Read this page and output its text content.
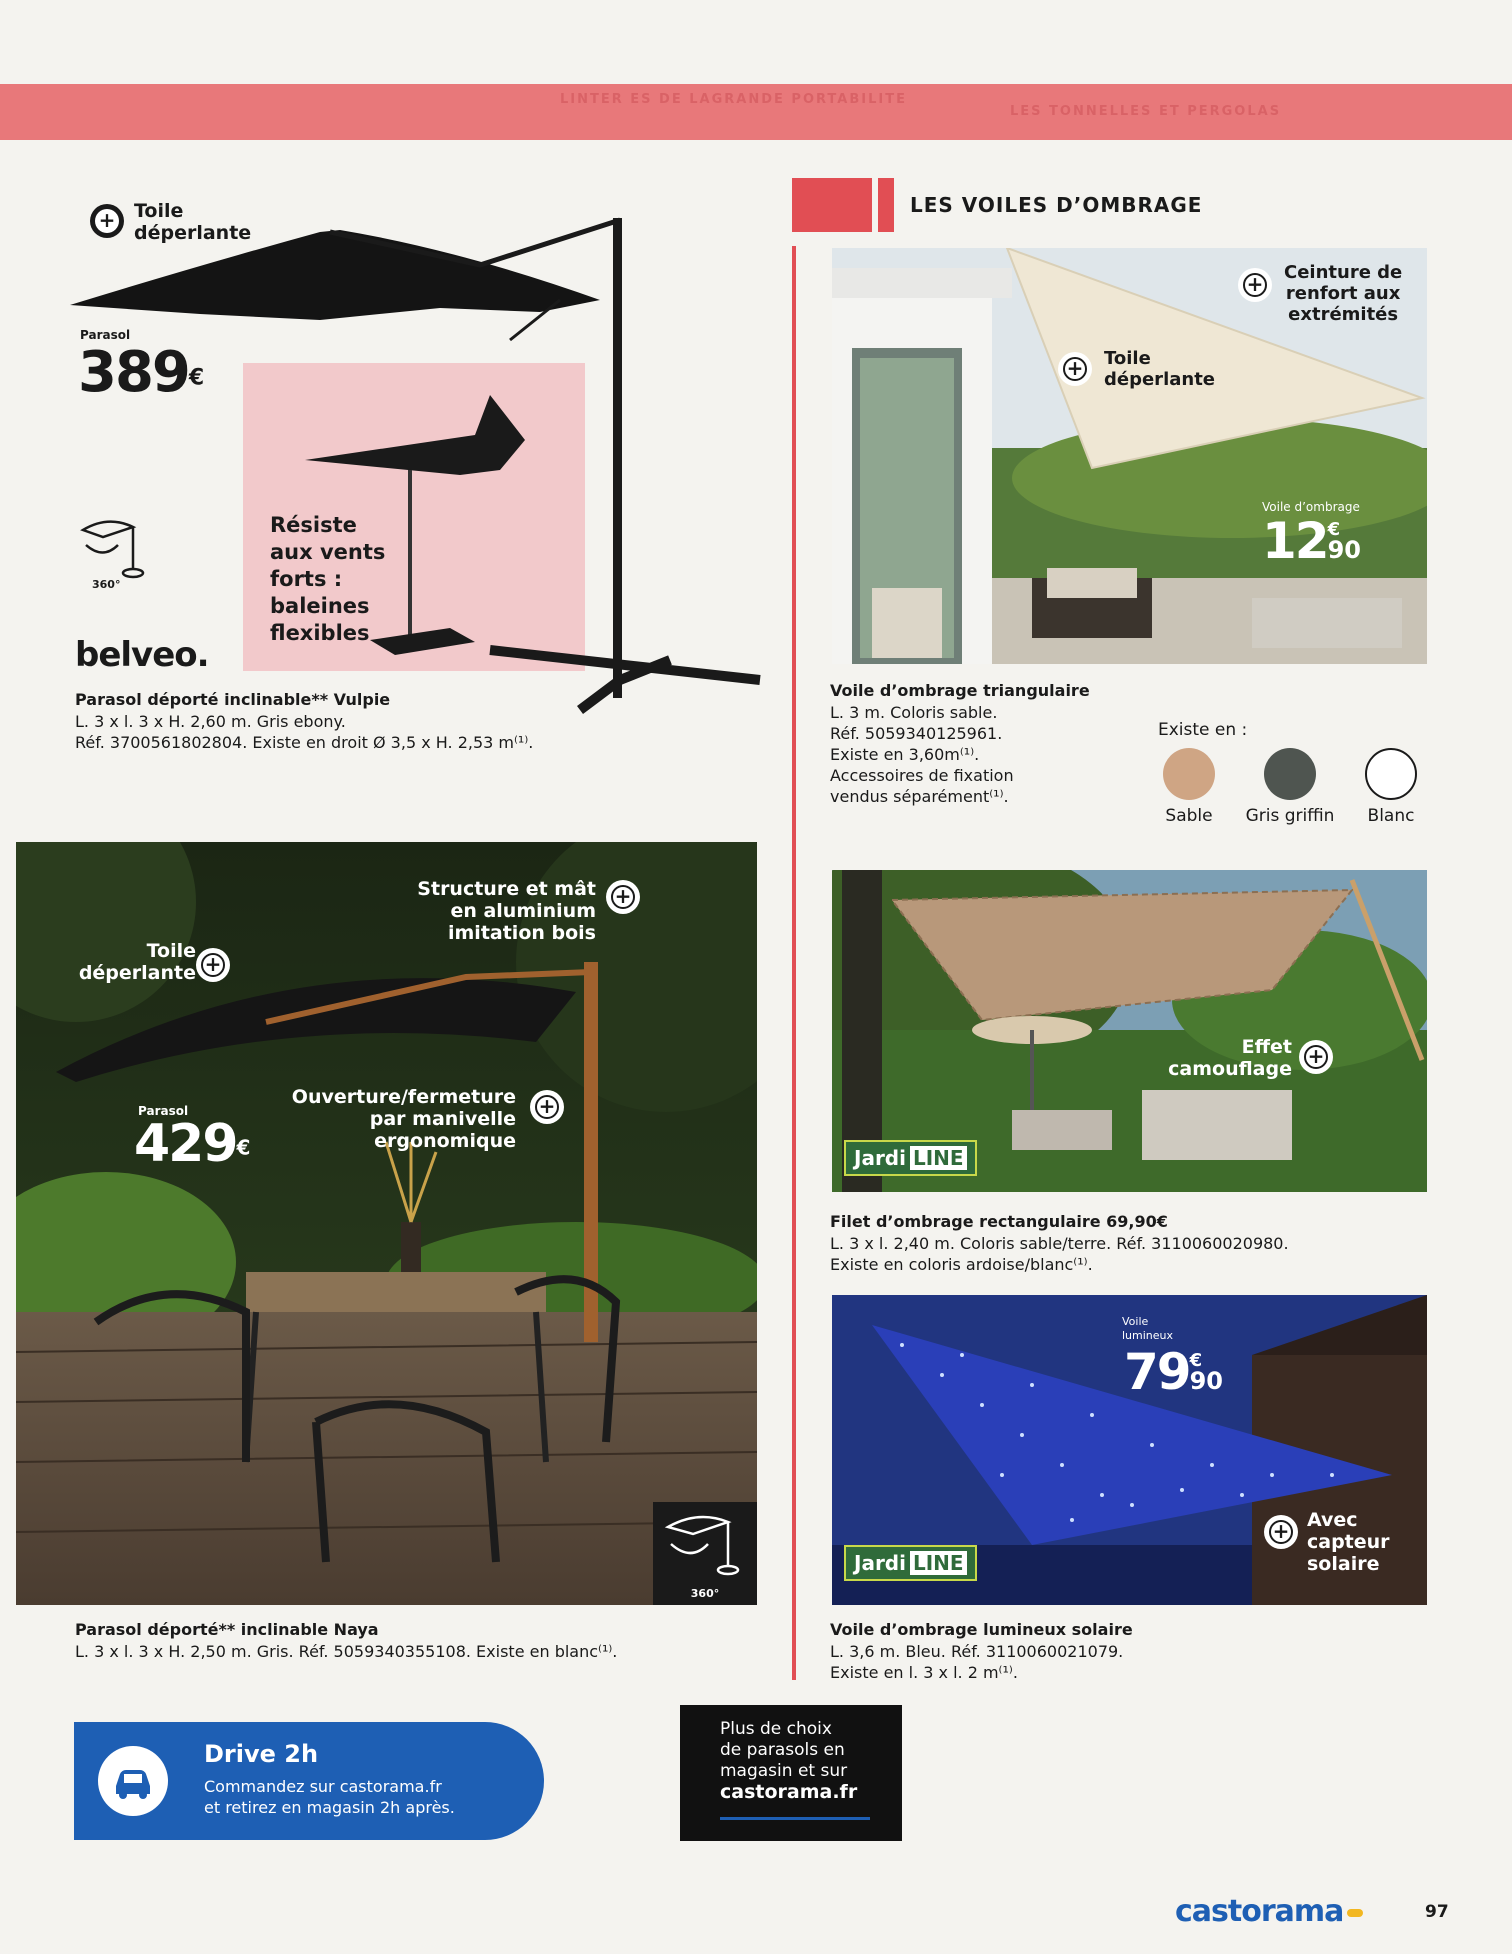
LINTER ES DE LAGRANDE PORTABILITE
LES TONNELLES ET PERGOLAS
+
Toile
déperlante
Parasol
389€
360°
Résiste
aux vents
forts :
baleines
flexibles
belveo.
Parasol déporté inclinable** Vulpie
L. 3 x l. 3 x H. 2,60 m. Gris ebony.
Réf. 3700561802804. Existe en droit Ø 3,5 x H. 2,53 m⁽¹⁾.
Structure et mât
en aluminium
imitation bois
+
Toile
déperlante
+
Ouverture/fermeture
par manivelle
ergonomique
+
Parasol
429€
360°
Parasol déporté** inclinable Naya
L. 3 x l. 3 x H. 2,50 m. Gris. Réf. 5059340355108. Existe en blanc⁽¹⁾.
LES VOILES D’OMBRAGE
+
Ceinture de
renfort aux
extrémités
+
Toile
déperlante
Voile d’ombrage
12 €
90
Voile d’ombrage triangulaire
L. 3 m. Coloris sable.
Réf. 5059340125961.
Existe en 3,60m⁽¹⁾.
Accessoires de fixation
vendus séparément⁽¹⁾.
Existe en :
Sable	Gris griffin	Blanc
Effet
camouflage
+
Jardi LINE
Filet d’ombrage rectangulaire 69,90€
L. 3 x l. 2,40 m. Coloris sable/terre. Réf. 3110060020980.
Existe en coloris ardoise/blanc⁽¹⁾.
Voile
lumineux
79 €
90
+
Avec
capteur
solaire
Jardi LINE
Voile d’ombrage lumineux solaire
L. 3,6 m. Bleu. Réf. 3110060021079.
Existe en l. 3 x l. 2 m⁽¹⁾.
Drive 2h
Commandez sur castorama.fr
et retirez en magasin 2h après.
Plus de choix
de parasols en
magasin et sur
castorama.fr
castorama	97
